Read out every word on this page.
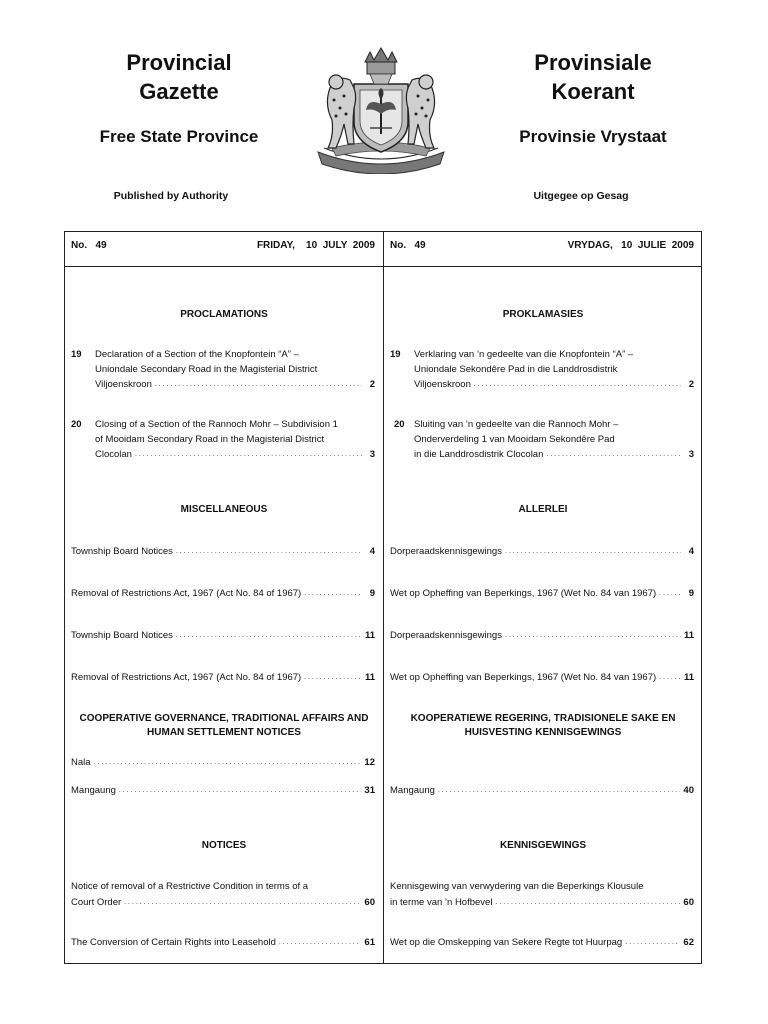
Provincial
Gazette
Free State Province
Published by Authority
Provinsiale
Koerant
Provinsie Vrystaat
Uitgegee op Gesag
No.   49	FRIDAY,    10  JULY  2009
PROCLAMATIONS
19 Declaration of a Section of the Knopfontein “A” –
Uniondale Secondary Road in the Magisterial District
Viljoenskroon . . .	2
20 Closing of a Section of the Rannoch Mohr – Subdivision 1
of Mooidam Secondary Road in the Magisterial District
Clocolan . . .	3
MISCELLANEOUS
Township Board Notices . . .	4
Removal of Restrictions Act, 1967 (Act No. 84 of 1967) . . .	9
Township Board Notices . . .	11
Removal of Restrictions Act, 1967 (Act No. 84 of 1967) . . .	11
COOPERATIVE GOVERNANCE, TRADITIONAL AFFAIRS AND
HUMAN SETTLEMENT NOTICES
Nala . . .	12
Mangaung . . .	31
NOTICES
Notice of removal of a Restrictive Condition in terms of a
Court Order . . .	60
The Conversion of Certain Rights into Leasehold . . .	61
No.   49	VRYDAG,   10  JULIE  2009
PROKLAMASIES
19 Verklaring van ’n gedeelte van die Knopfontein “A” –
Uniondale Sekondêre Pad in die Landdrosdistrik
Viljoenskroon . . .	2
20 Sluiting van ’n gedeelte van die Rannoch Mohr –
Onderverdeling 1 van Mooidam Sekondêre Pad
in die Landdrosdistrik Clocolan . . .	3
ALLERLEI
Dorperaadskennisgewings . . .	4
Wet op Opheffing van Beperkings, 1967 (Wet No. 84 van 1967) . . .	9
Dorperaadskennisgewings . . .	11
Wet op Opheffing van Beperkings, 1967 (Wet No. 84 van 1967) . . .	11
KOOPERATIEWE REGERING, TRADISIONELE SAKE EN
HUISVESTING KENNISGEWINGS
Mangaung . . .	40
KENNISGEWINGS
Kennisgewing van verwydering van die Beperkings Klousule
in terme van ’n Hofbevel . . .	60
Wet op die Omskepping van Sekere Regte tot Huurpag . . .	62
